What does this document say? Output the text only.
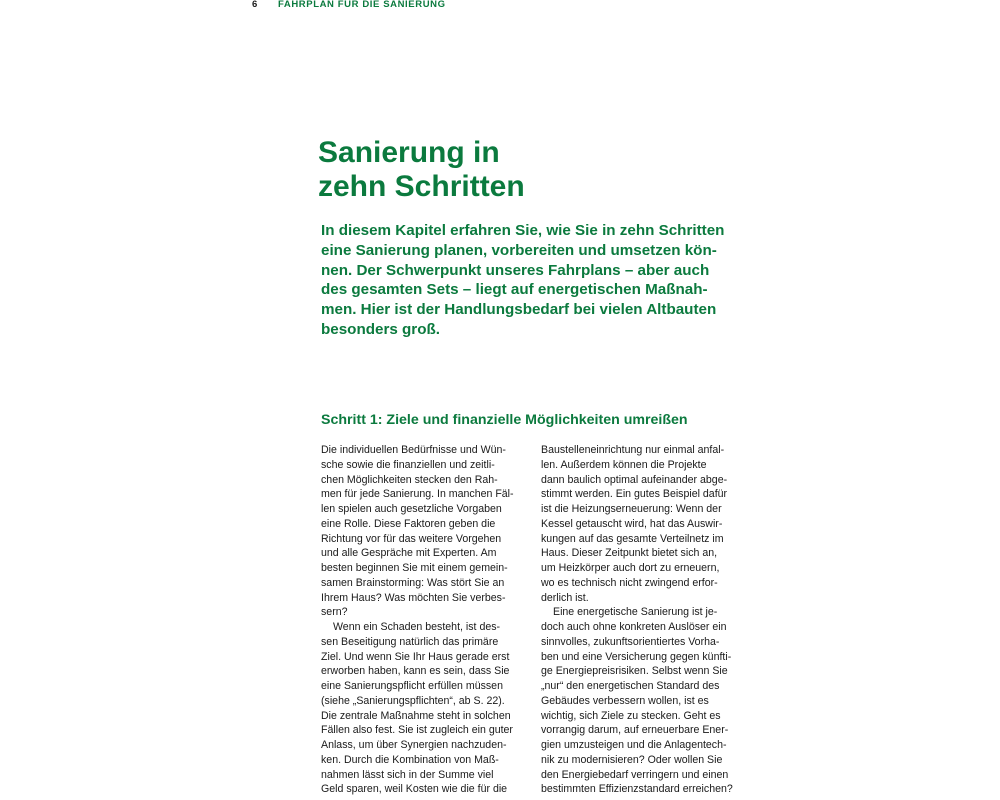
6 FAHRPLAN FÜR DIE SANIERUNG
Sanierung in
zehn Schritten

In diesem Kapitel erfahren Sie, wie Sie in zehn Schritten
eine Sanierung planen, vorbereiten und umsetzen kön-
nen. Der Schwerpunkt unseres Fahrplans – aber auch
des gesamten Sets – liegt auf energetischen Maßnah-
men. Hier ist der Handlungsbedarf bei vielen Altbauten
besonders groß.

Schritt 1: Ziele und finanzielle Möglichkeiten umreißen
Die individuellen Bedürfnisse und Wün-
sche sowie die finanziellen und zeitli-
chen Möglichkeiten stecken den Rah-
men für jede Sanierung. In manchen Fäl-
len spielen auch gesetzliche Vorgaben
eine Rolle. Diese Faktoren geben die
Richtung vor für das weitere Vorgehen
und alle Gespräche mit Experten. Am
besten beginnen Sie mit einem gemein-
samen Brainstorming: Was stört Sie an
Ihrem Haus? Was möchten Sie verbes-
sern?
Wenn ein Schaden besteht, ist des-
sen Beseitigung natürlich das primäre
Ziel. Und wenn Sie Ihr Haus gerade erst
erworben haben, kann es sein, dass Sie
eine Sanierungspflicht erfüllen müssen
(siehe „Sanierungspflichten“, ab S. 22).
Die zentrale Maßnahme steht in solchen
Fällen also fest. Sie ist zugleich ein guter
Anlass, um über Synergien nachzuden-
ken. Durch die Kombination von Maß-
nahmen lässt sich in der Summe viel
Geld sparen, weil Kosten wie die für die
Baustelleneinrichtung nur einmal anfal-
len. Außerdem können die Projekte
dann baulich optimal aufeinander abge-
stimmt werden. Ein gutes Beispiel dafür
ist die Heizungserneuerung: Wenn der
Kessel getauscht wird, hat das Auswir-
kungen auf das gesamte Verteilnetz im
Haus. Dieser Zeitpunkt bietet sich an,
um Heizkörper auch dort zu erneuern,
wo es technisch nicht zwingend erfor-
derlich ist.
Eine energetische Sanierung ist je-
doch auch ohne konkreten Auslöser ein
sinnvolles, zukunftsorientiertes Vorha-
ben und eine Versicherung gegen künfti-
ge Energiepreisrisiken. Selbst wenn Sie
„nur“ den energetischen Standard des
Gebäudes verbessern wollen, ist es
wichtig, sich Ziele zu stecken. Geht es
vorrangig darum, auf erneuerbare Ener-
gien umzusteigen und die Anlagentech-
nik zu modernisieren? Oder wollen Sie
den Energiebedarf verringern und einen
bestimmten Effizienzstandard erreichen?
